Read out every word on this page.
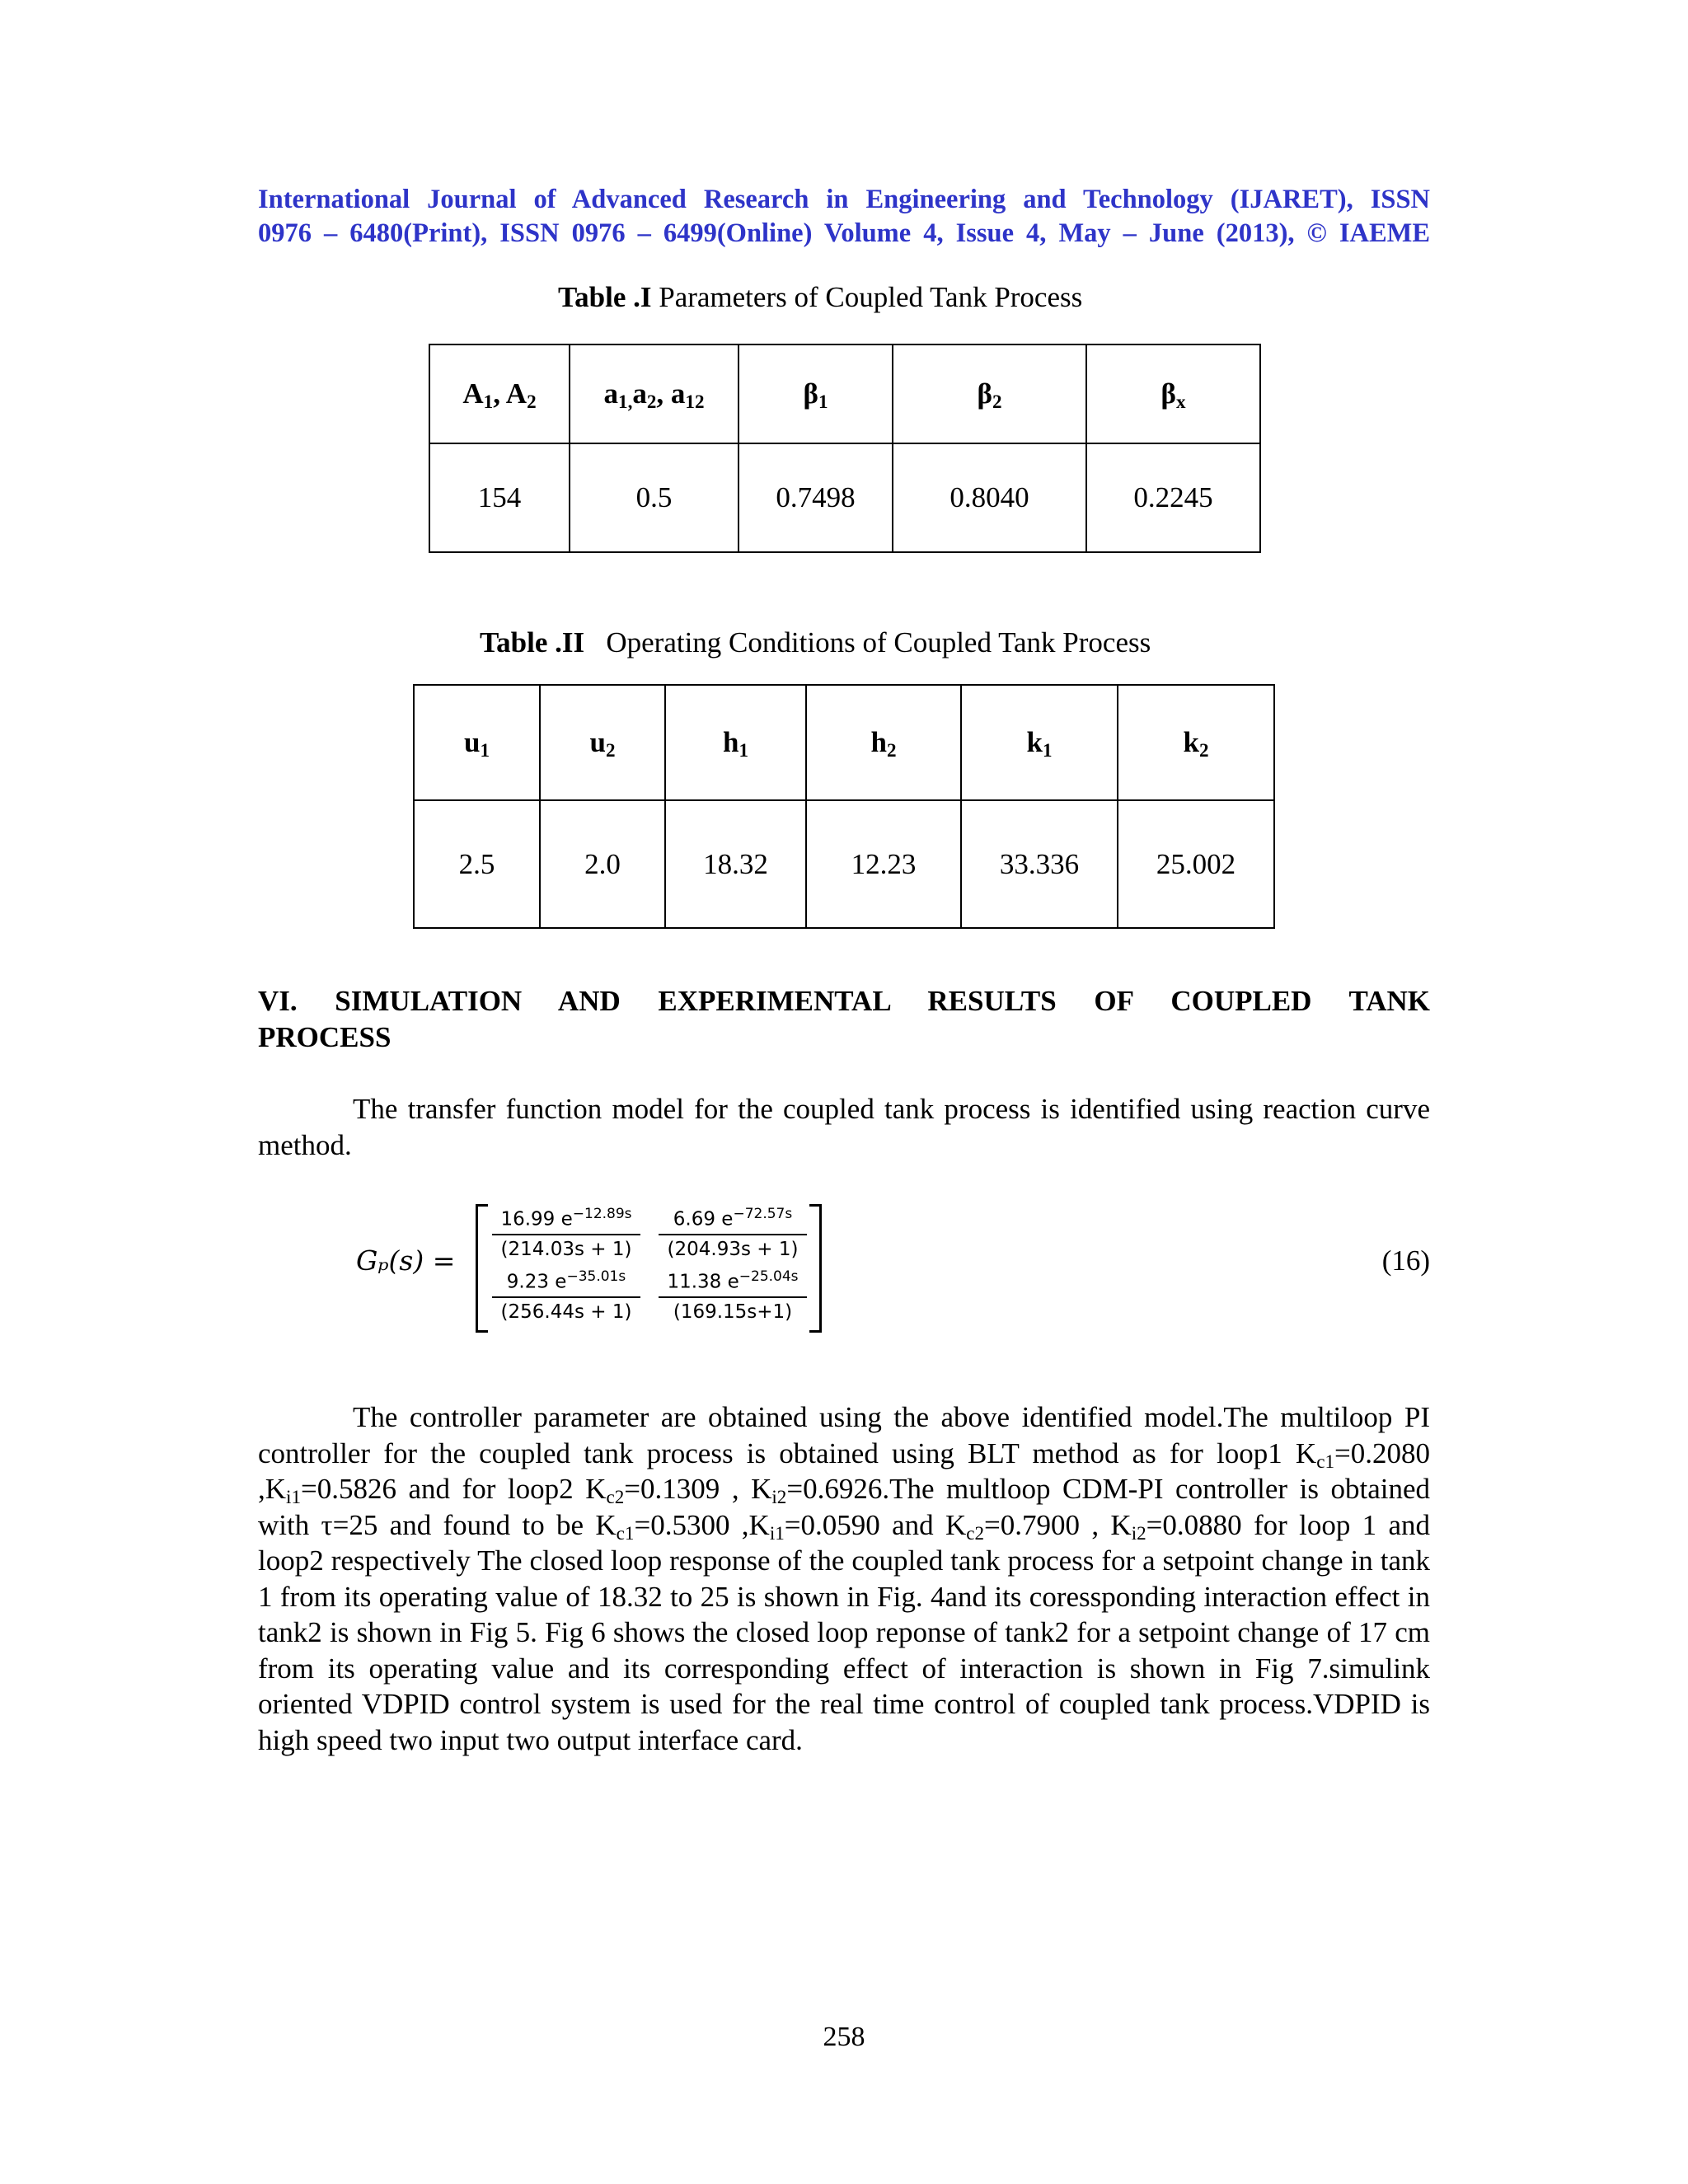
International Journal of Advanced Research in Engineering and Technology (IJARET), ISSN
0976 – 6480(Print), ISSN 0976 – 6499(Online) Volume 4, Issue 4, May – June (2013), © IAEME
Table .I Parameters of Coupled Tank Process
$A_1$, $A_2$	$a_{1,}a_2$, $a_{12}$	$\beta_1$	$\beta_2$	$\beta_x$
154	0.5	0.7498	0.8040	0.2245
Table .II   Operating Conditions of Coupled Tank Process
$u_1$	$u_2$	$h_1$	$h_2$	$k_1$	$k_2$
2.5	2.0	18.32	12.23	33.336	25.002
VI. SIMULATION AND EXPERIMENTAL RESULTS OF COUPLED TANK
PROCESS
The transfer function model for the coupled tank process is identified using reaction curve method.
Gₚ(s) =
$\frac{16.99 e^{-12.89s}}{(214.03s + 1)} \frac{6.69 e^{-72.57s}}{(204.93s + 1)}$
$\frac{9.23 e^{-35.01s}}{(256.44s + 1)} \frac{11.38 e^{-25.04s}}{(169.15s+1)}$
(16)
The controller parameter are obtained using the above identified model.The multiloop PI controller for the coupled tank process is obtained using BLT method as for loop1 $K_{c1}=0.2080$ $,K_{i1}=0.5826$ and for loop2 $K_{c2}=0.1309$ , $K_{i2}=0.6926.The$ multloop CDM-PI controller is obtained with τ=25 and found to be $K_{c1}=0.5300$ $,K_{i1}=0.0590$ and $K_{c2}=0.7900$ , $K_{i2}=0.0880$ for loop 1 and loop2 respectively The closed loop response of the coupled tank process for a setpoint change in tank 1 from its operating value of 18.32 to 25 is shown in Fig. 4and its coressponding interaction effect in tank2 is shown in Fig 5. Fig 6 shows the closed loop reponse of tank2 for a setpoint change of 17 cm from its operating value and its corresponding effect of interaction is shown in Fig 7.simulink oriented VDPID control system is used for the real time control of coupled tank process.VDPID is high speed two input two output interface card.
258
